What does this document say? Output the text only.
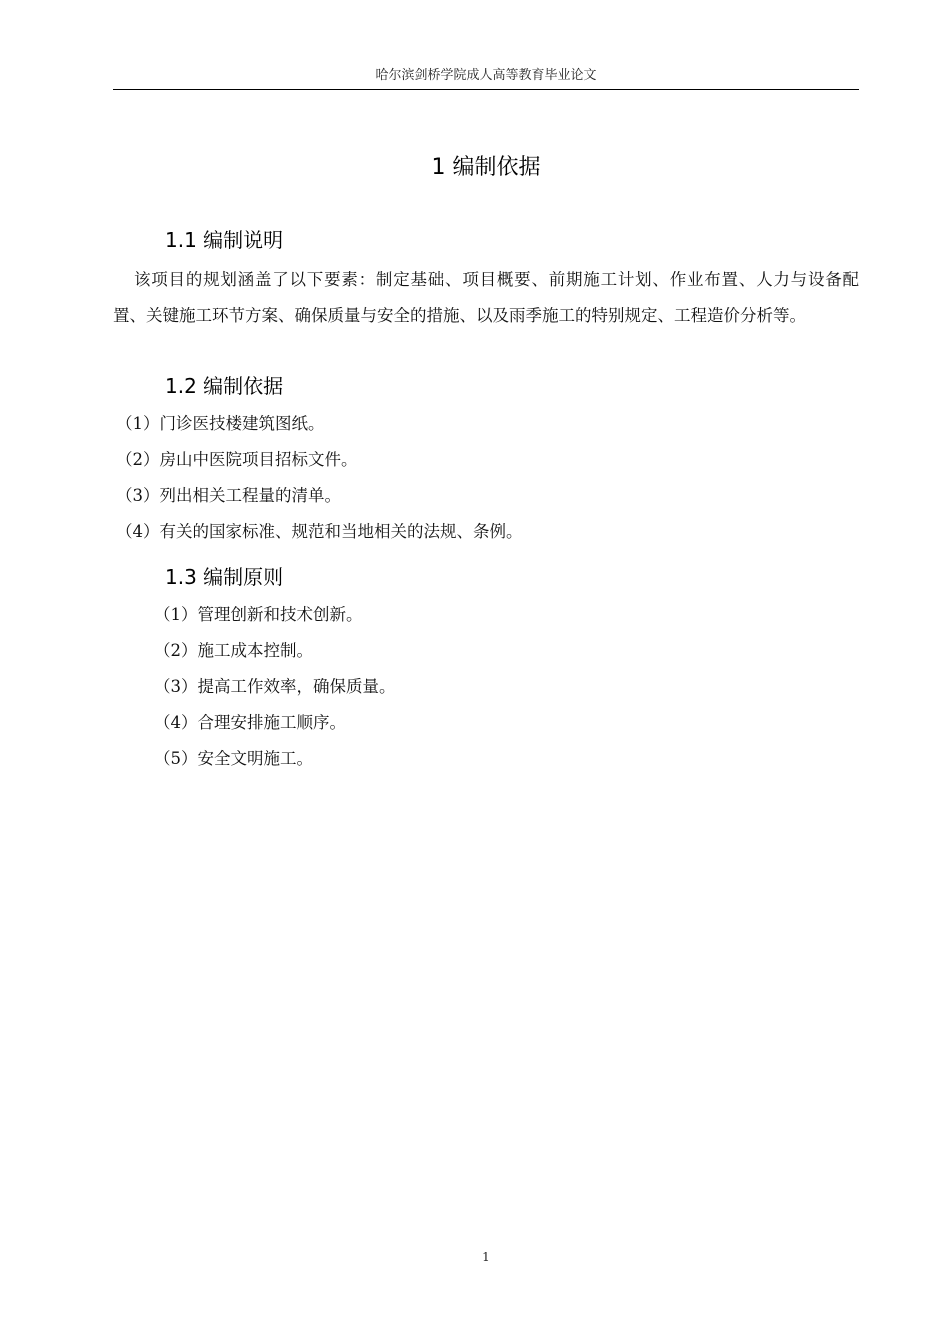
哈尔滨剑桥学院成人高等教育毕业论文
1 编制依据
1.1 编制说明
该项目的规划涵盖了以下要素：制定基础、项目概要、前期施工计划、作业布置、人力与设备配置、关键施工环节方案、确保质量与安全的措施、以及雨季施工的特别规定、工程造价分析等。
1.2 编制依据
（1）门诊医技楼建筑图纸。
（2）房山中医院项目招标文件。
（3）列出相关工程量的清单。
（4）有关的国家标准、规范和当地相关的法规、条例。
1.3 编制原则
（1）管理创新和技术创新。
（2）施工成本控制。
（3）提高工作效率，确保质量。
（4）合理安排施工顺序。
（5）安全文明施工。
1
